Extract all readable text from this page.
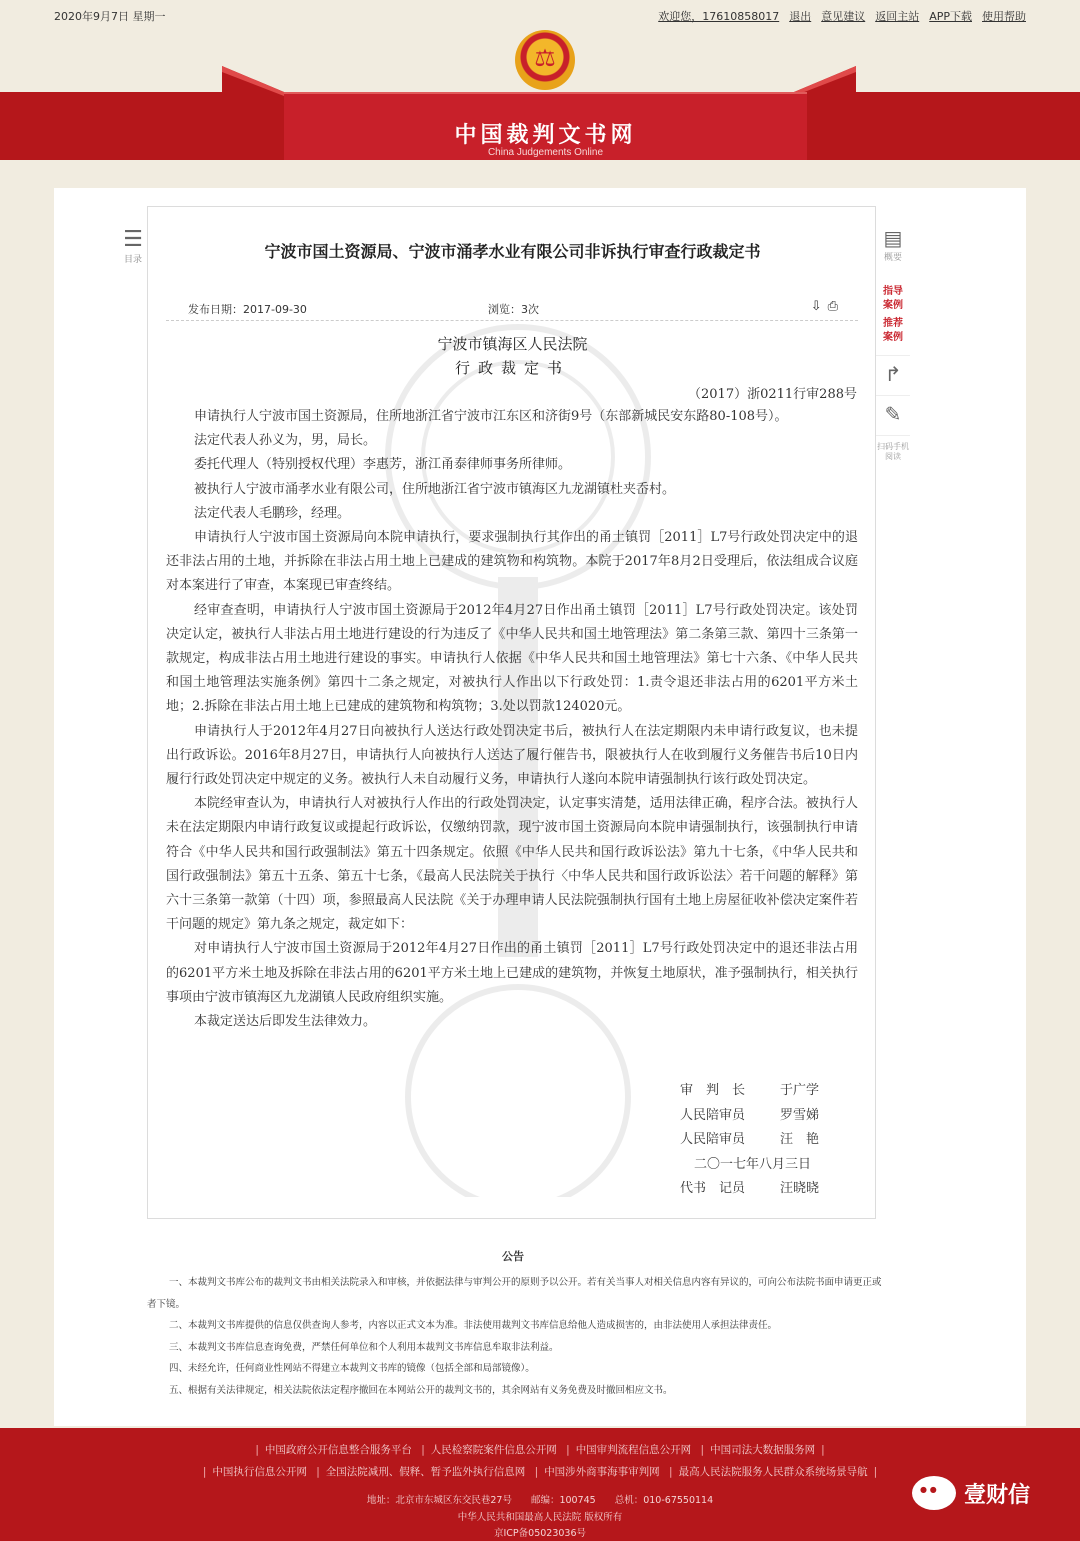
2020年9月7日 星期一	欢迎您，17610858017 退出 意见建议 返回主站 APP下载 使用帮助
⚖
中国裁判文书网
China Judgements Online
☰
目录	宁波市国土资源局、宁波市涌孝水业有限公司非诉执行审查行政裁定书
发布日期：2017-09-30	浏览：3次	⇩ ⎙
宁波市镇海区人民法院
行政裁定书
（2017）浙0211行审288号

申请执行人宁波市国土资源局，住所地浙江省宁波市江东区和济街9号（东部新城民安东路80-108号）。

法定代表人孙义为，男，局长。

委托代理人（特别授权代理）李惠芳，浙江甬泰律师事务所律师。

被执行人宁波市涌孝水业有限公司，住所地浙江省宁波市镇海区九龙湖镇杜夹岙村。

法定代表人毛鹏珍，经理。

申请执行人宁波市国土资源局向本院申请执行，要求强制执行其作出的甬土镇罚［2011］L7号行政处罚决定中的退还非法占用的土地，并拆除在非法占用土地上已建成的建筑物和构筑物。本院于2017年8月2日受理后，依法组成合议庭对本案进行了审查，本案现已审查终结。

经审查查明，申请执行人宁波市国土资源局于2012年4月27日作出甬土镇罚［2011］L7号行政处罚决定。该处罚决定认定，被执行人非法占用土地进行建设的行为违反了《中华人民共和国土地管理法》第二条第三款、第四十三条第一款规定，构成非法占用土地进行建设的事实。申请执行人依据《中华人民共和国土地管理法》第七十六条、《中华人民共和国土地管理法实施条例》第四十二条之规定，对被执行人作出以下行政处罚：1.责令退还非法占用的6201平方米土地；2.拆除在非法占用土地上已建成的建筑物和构筑物；3.处以罚款124020元。

申请执行人于2012年4月27日向被执行人送达行政处罚决定书后，被执行人在法定期限内未申请行政复议，也未提出行政诉讼。2016年8月27日，申请执行人向被执行人送达了履行催告书，限被执行人在收到履行义务催告书后10日内履行行政处罚决定中规定的义务。被执行人未自动履行义务，申请执行人遂向本院申请强制执行该行政处罚决定。

本院经审查认为，申请执行人对被执行人作出的行政处罚决定，认定事实清楚，适用法律正确，程序合法。被执行人未在法定期限内申请行政复议或提起行政诉讼，仅缴纳罚款，现宁波市国土资源局向本院申请强制执行，该强制执行申请符合《中华人民共和国行政强制法》第五十四条规定。依照《中华人民共和国行政诉讼法》第九十七条，《中华人民共和国行政强制法》第五十五条、第五十七条，《最高人民法院关于执行〈中华人民共和国行政诉讼法〉若干问题的解释》第六十三条第一款第（十四）项，参照最高人民法院《关于办理申请人民法院强制执行国有土地上房屋征收补偿决定案件若干问题的规定》第九条之规定，裁定如下：

对申请执行人宁波市国土资源局于2012年4月27日作出的甬土镇罚［2011］L7号行政处罚决定中的退还非法占用的6201平方米土地及拆除在非法占用的6201平方米土地上已建成的建筑物，并恢复土地原状，准予强制执行，相关执行事项由宁波市镇海区九龙湖镇人民政府组织实施。

本裁定送达后即发生法律效力。

审　判　长	于广学
人民陪审员	罗雪娣
人民陪审员	汪　艳
二〇一七年八月三日
代书　记员	汪晓晓
▤
概要
指导
案例
推荐
案例
↱
✎
扫码手机阅读
公告

一、本裁判文书库公布的裁判文书由相关法院录入和审核，并依据法律与审判公开的原则予以公开。若有关当事人对相关信息内容有异议的，可向公布法院书面申请更正或者下镜。

二、本裁判文书库提供的信息仅供查询人参考，内容以正式文本为准。非法使用裁判文书库信息给他人造成损害的，由非法使用人承担法律责任。

三、本裁判文书库信息查询免费，严禁任何单位和个人利用本裁判文书库信息牟取非法利益。

四、未经允许，任何商业性网站不得建立本裁判文书库的镜像（包括全部和局部镜像）。

五、根据有关法律规定，相关法院依法定程序撤回在本网站公开的裁判文书的，其余网站有义务免费及时撤回相应文书。

| 中国政府公开信息整合服务平台 | 人民检察院案件信息公开网 | 中国审判流程信息公开网 | 中国司法大数据服务网 |
| 中国执行信息公开网 | 全国法院减刑、假释、暂予监外执行信息网 | 中国涉外商事海事审判网 | 最高人民法院服务人民群众系统场景导航 |
地址：北京市东城区东交民巷27号　　邮编：100745　　总机：010-67550114
中华人民共和国最高人民法院 版权所有
京ICP备05023036号
● ●
壹财信
